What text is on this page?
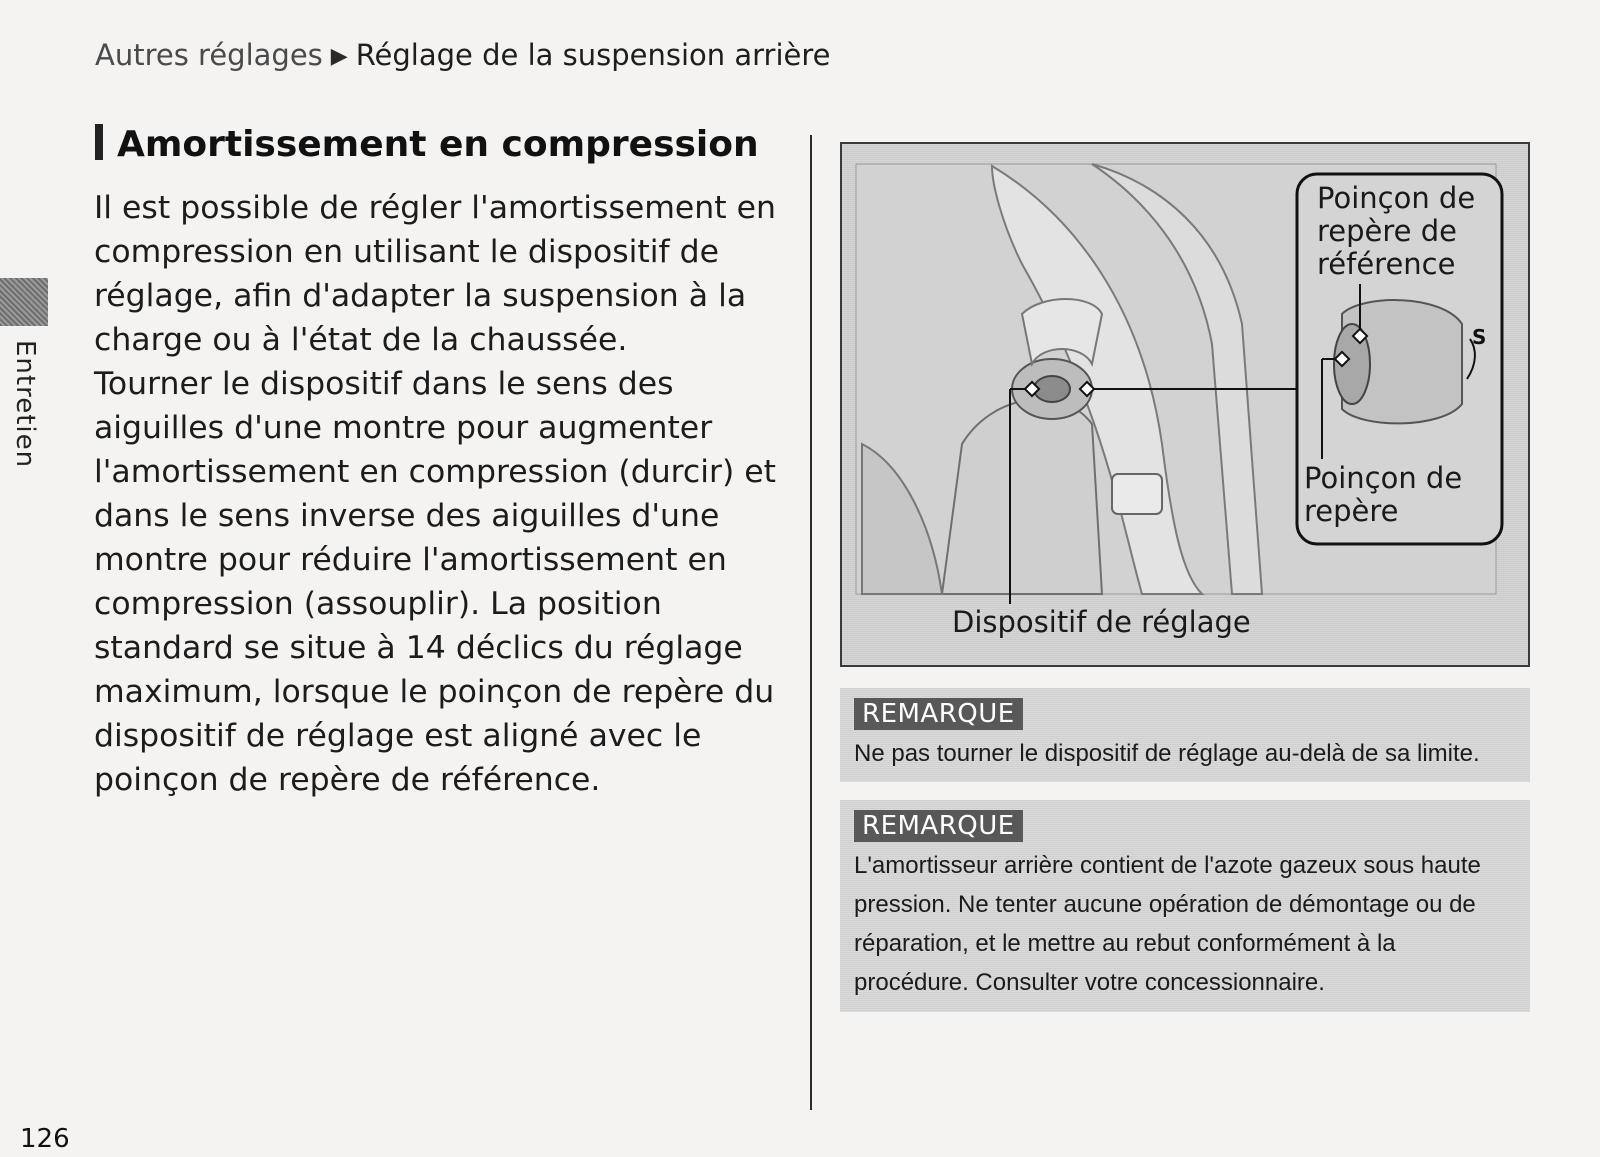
Autres réglages ▶ Réglage de la suspension arrière
Entretien
Amortissement en compression

Il est possible de régler l'amortissement en compression en utilisant le dispositif de réglage, afin d'adapter la suspension à la charge ou à l'état de la chaussée.

Tourner le dispositif dans le sens des aiguilles d'une montre pour augmenter l'amortissement en compression (durcir) et dans le sens inverse des aiguilles d'une montre pour réduire l'amortissement en compression (assouplir). La position standard se situe à 14 déclics du réglage maximum, lorsque le poinçon de repère du dispositif de réglage est aligné avec le poinçon de repère de référence.

S
Poinçon de repère de référence
Poinçon de repère
Dispositif de réglage
REMARQUE
Ne pas tourner le dispositif de réglage au-delà de sa limite.
REMARQUE
L'amortisseur arrière contient de l'azote gazeux sous haute pression. Ne tenter aucune opération de démontage ou de réparation, et le mettre au rebut conformément à la procédure. Consulter votre concessionnaire.
126
